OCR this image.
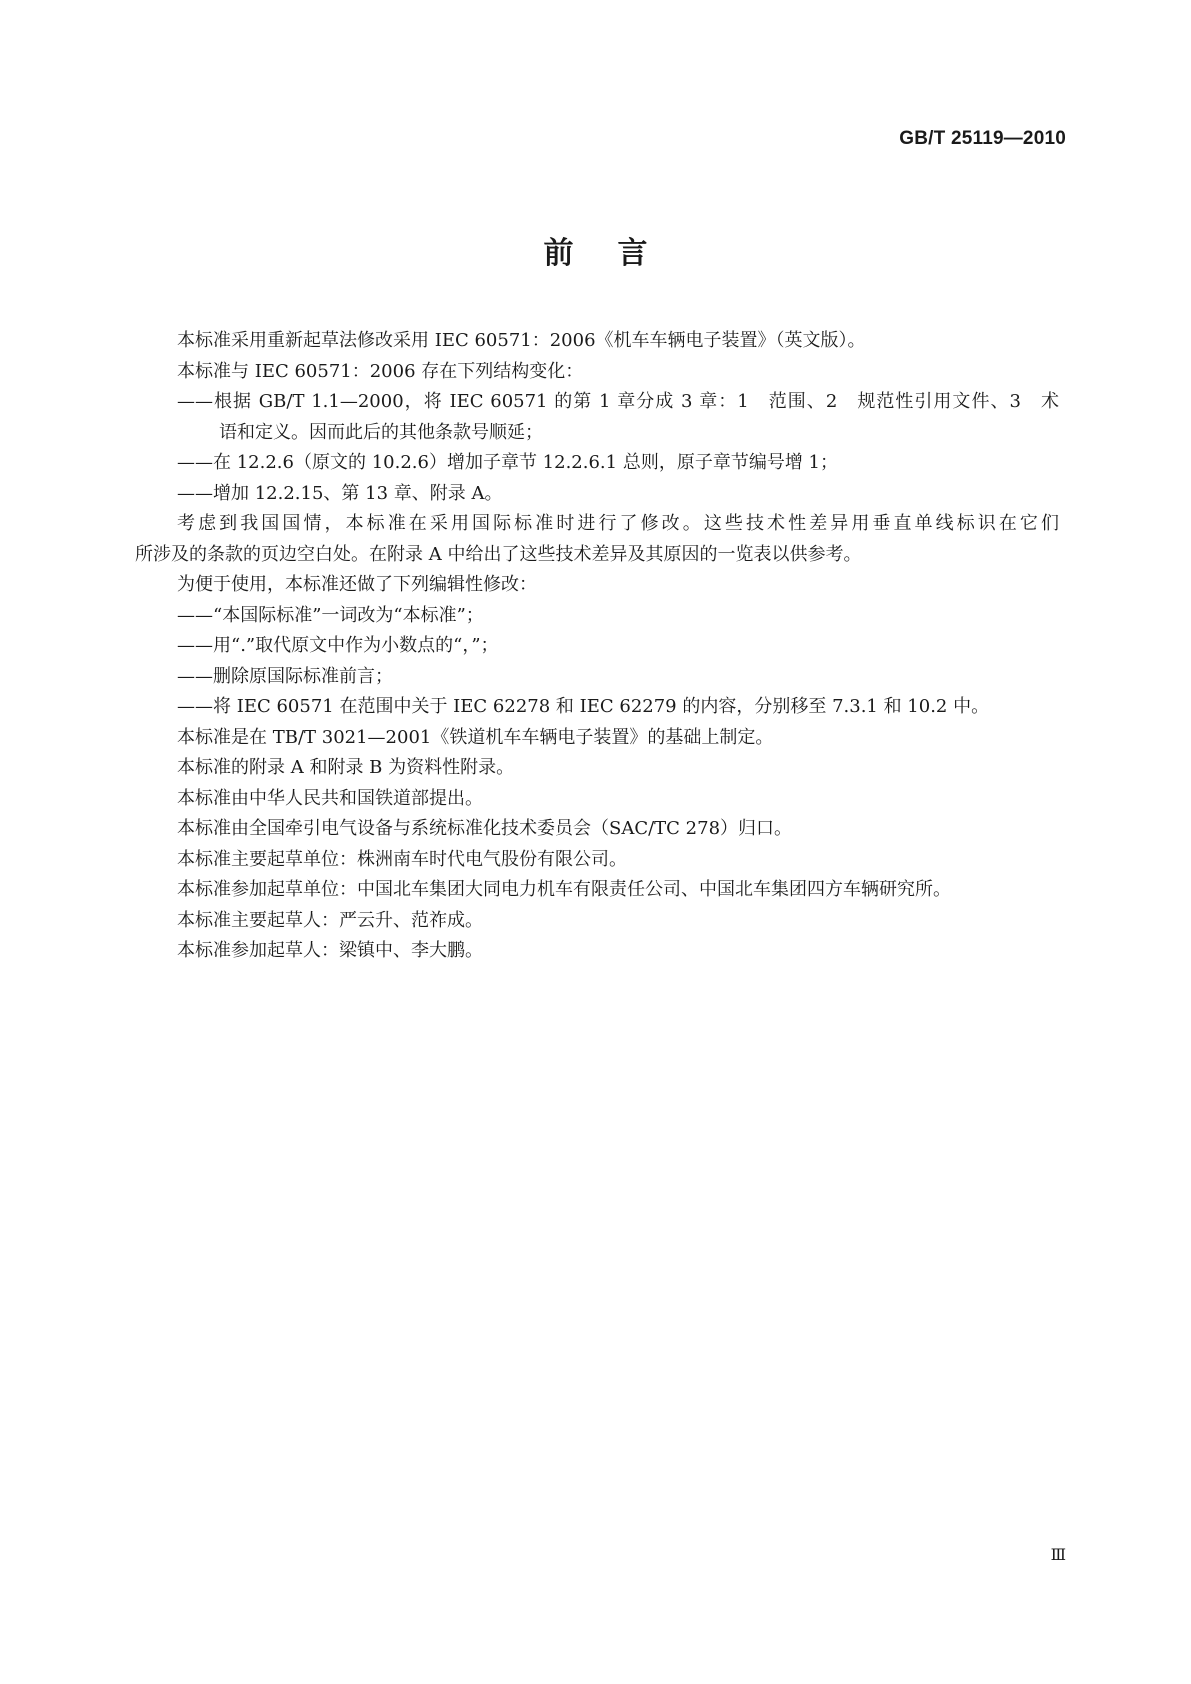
GB/T 25119—2010
前言

本标准采用重新起草法修改采用 IEC 60571：2006《机车车辆电子装置》（英文版）。

本标准与 IEC 60571：2006 存在下列结构变化：

——根据 GB/T 1.1—2000，将 IEC 60571 的第 1 章分成 3 章：1　范围、2　规范性引用文件、3　术

语和定义。因而此后的其他条款号顺延；

——在 12.2.6（原文的 10.2.6）增加子章节 12.2.6.1 总则，原子章节编号增 1；

——增加 12.2.15、第 13 章、附录 A。

考虑到我国国情，本标准在采用国际标准时进行了修改。这些技术性差异用垂直单线标识在它们

所涉及的条款的页边空白处。在附录 A 中给出了这些技术差异及其原因的一览表以供参考。

为便于使用，本标准还做了下列编辑性修改：

——“本国际标准”一词改为“本标准”；

——用“.”取代原文中作为小数点的“，”；

——删除原国际标准前言；

——将 IEC 60571 在范围中关于 IEC 62278 和 IEC 62279 的内容，分别移至 7.3.1 和 10.2 中。

本标准是在 TB/T 3021—2001《铁道机车车辆电子装置》的基础上制定。

本标准的附录 A 和附录 B 为资料性附录。

本标准由中华人民共和国铁道部提出。

本标准由全国牵引电气设备与系统标准化技术委员会（SAC/TC 278）归口。

本标准主要起草单位：株洲南车时代电气股份有限公司。

本标准参加起草单位：中国北车集团大同电力机车有限责任公司、中国北车集团四方车辆研究所。

本标准主要起草人：严云升、范祚成。

本标准参加起草人：梁镇中、李大鹏。

Ⅲ
